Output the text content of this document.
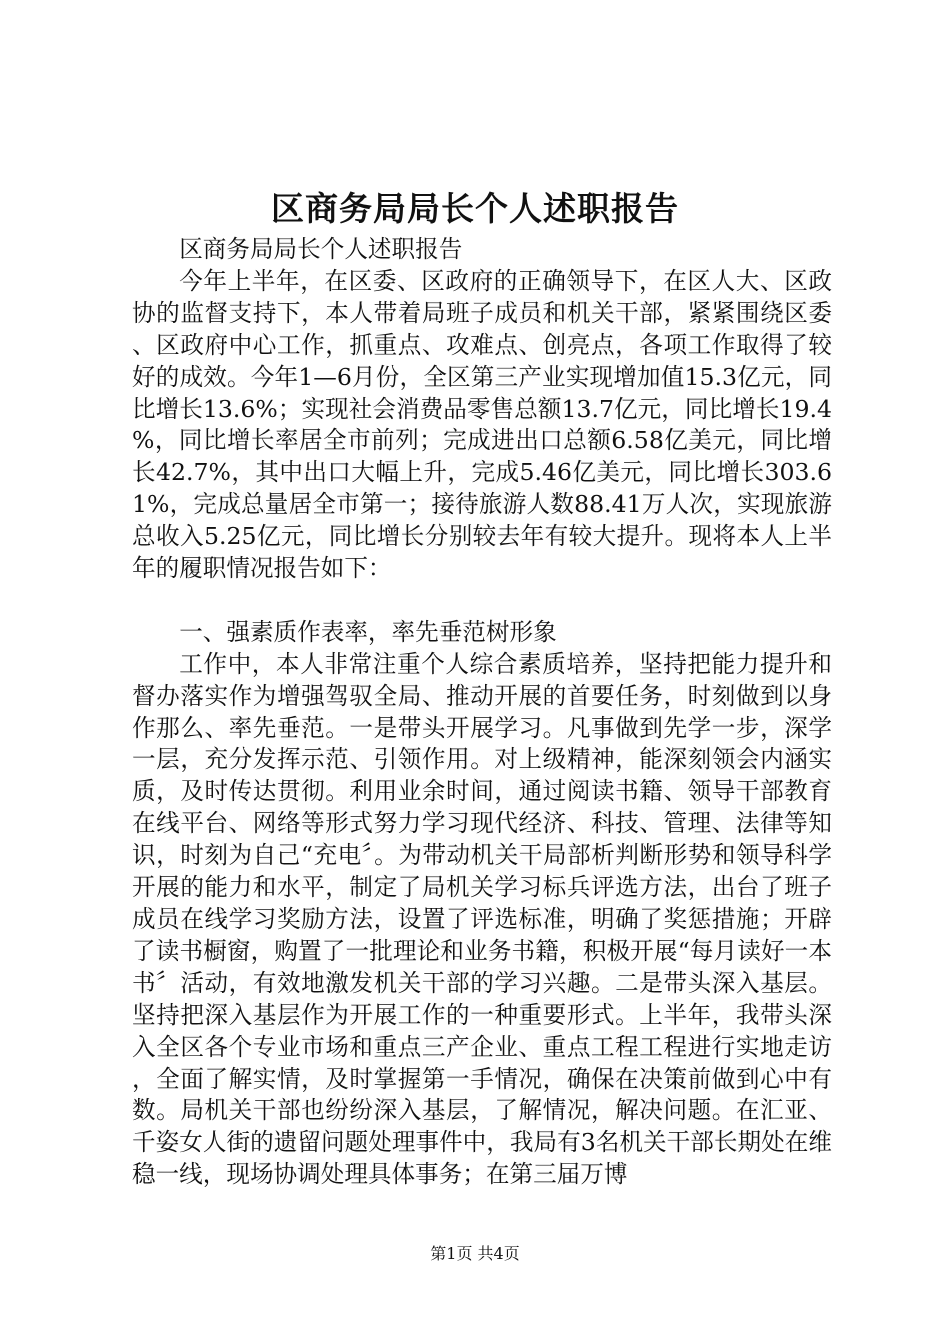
区商务局局长个人述职报告

区商务局局长个人述职报告

今年上半年，在区委、区政府的正确领导下，在区人大、区政协的监督支持下，本人带着局班子成员和机关干部，紧紧围绕区委、区政府中心工作，抓重点、攻难点、创亮点，各项工作取得了较好的成效。今年1—6月份，全区第三产业实现增加值15.3亿元，同比增长13.6%；实现社会消费品零售总额13.7亿元，同比增长19.4%，同比增长率居全市前列；完成进出口总额6.58亿美元，同比增长42.7%，其中出口大幅上升，完成5.46亿美元，同比增长303.61%，完成总量居全市第一；接待旅游人数88.41万人次，实现旅游总收入5.25亿元，同比增长分别较去年有较大提升。现将本人上半年的履职情况报告如下：

一、强素质作表率，率先垂范树形象

工作中，本人非常注重个人综合素质培养，坚持把能力提升和督办落实作为增强驾驭全局、推动开展的首要任务，时刻做到以身作那么、率先垂范。一是带头开展学习。凡事做到先学一步，深学一层，充分发挥示范、引领作用。对上级精神，能深刻领会内涵实质，及时传达贯彻。利用业余时间，通过阅读书籍、领导干部教育在线平台、网络等形式努力学习现代经济、科技、管理、法律等知识，时刻为自己“充电〞。为带动机关干局部析判断形势和领导科学开展的能力和水平，制定了局机关学习标兵评选方法，出台了班子成员在线学习奖励方法，设置了评选标准，明确了奖惩措施；开辟了读书橱窗，购置了一批理论和业务书籍，积极开展“每月读好一本书〞活动，有效地激发机关干部的学习兴趣。二是带头深入基层。坚持把深入基层作为开展工作的一种重要形式。上半年，我带头深入全区各个专业市场和重点三产企业、重点工程工程进行实地走访，全面了解实情，及时掌握第一手情况，确保在决策前做到心中有数。局机关干部也纷纷深入基层，了解情况，解决问题。在汇亚、千姿女人街的遗留问题处理事件中，我局有3名机关干部长期处在维稳一线，现场协调处理具体事务；在第三届万博

第1页 共4页
